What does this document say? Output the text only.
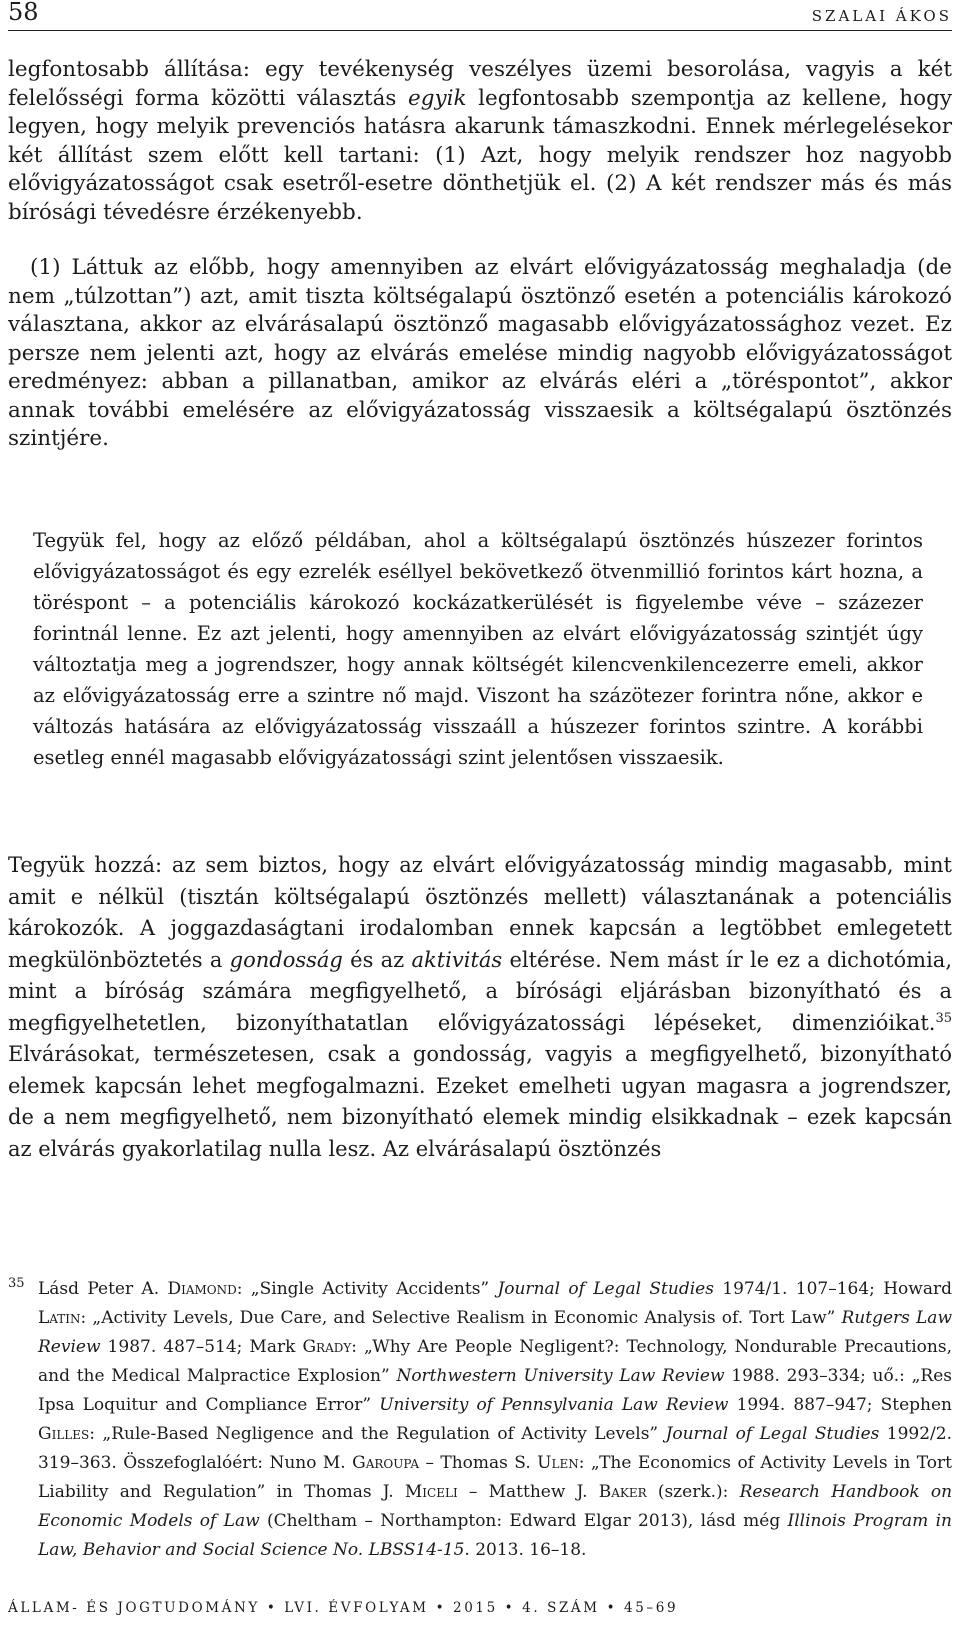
58	SZALAI ÁKOS

legfontosabb állítása: egy tevékenység veszélyes üzemi besorolása, vagyis a két felelősségi forma közötti választás egyik legfontosabb szempontja az kellene, hogy legyen, hogy melyik prevenciós hatásra akarunk támaszkodni. Ennek mérlegelésekor két állítást szem előtt kell tartani: (1) Azt, hogy melyik rendszer hoz nagyobb elővigyázatosságot csak esetről-esetre dönthetjük el. (2) A két rendszer más és más bírósági tévedésre érzékenyebb.

(1) Láttuk az előbb, hogy amennyiben az elvárt elővigyázatosság meghaladja (de nem „túlzottan”) azt, amit tiszta költségalapú ösztönző esetén a potenciális károkozó választana, akkor az elvárásalapú ösztönző magasabb elővigyázatossághoz vezet. Ez persze nem jelenti azt, hogy az elvárás emelése mindig nagyobb elővigyázatosságot eredményez: abban a pillanatban, amikor az elvárás eléri a „töréspontot”, akkor annak további emelésére az elővigyázatosság visszaesik a költségalapú ösztönzés szintjére.

Tegyük fel, hogy az előző példában, ahol a költségalapú ösztönzés húszezer forintos elővigyázatosságot és egy ezrelék eséllyel bekövetkező ötvenmillió forintos kárt hozna, a töréspont – a potenciális károkozó kockázatkerülését is figyelembe véve – százezer forintnál lenne. Ez azt jelenti, hogy amennyiben az elvárt elővigyázatosság szintjét úgy változtatja meg a jogrendszer, hogy annak költségét kilencvenkilencezerre emeli, akkor az elővigyázatosság erre a szintre nő majd. Viszont ha százötezer forintra nőne, akkor e változás hatására az elővigyázatosság visszaáll a húszezer forintos szintre. A korábbi esetleg ennél magasabb elővigyázatossági szint jelentősen visszaesik.

Tegyük hozzá: az sem biztos, hogy az elvárt elővigyázatosság mindig magasabb, mint amit e nélkül (tisztán költségalapú ösztönzés mellett) választanának a potenciális károkozók. A joggazdaságtani irodalomban ennek kapcsán a legtöbbet emlegetett megkülönböztetés a gondosság és az aktivitás eltérése. Nem mást ír le ez a dichotómia, mint a bíróság számára megfigyelhető, a bírósági eljárásban bizonyítható és a megfigyelhetetlen, bizonyíthatatlan elővigyázatossági lépéseket, dimenzióikat.$^{35}$ Elvárásokat, természetesen, csak a gondosság, vagyis a megfigyelhető, bizonyítható elemek kapcsán lehet megfogalmazni. Ezeket emelheti ugyan magasra a jogrendszer, de a nem megfigyelhető, nem bizonyítható elemek mindig elsikkadnak – ezek kapcsán az elvárás gyakorlatilag nulla lesz. Az elvárásalapú ösztönzés

35 Lásd Peter A. Diamond: „Single Activity Accidents” Journal of Legal Studies 1974/1. 107–164; Howard Latin: „Activity Levels, Due Care, and Selective Realism in Economic Analysis of. Tort Law” Rutgers Law Review 1987. 487–514; Mark Grady: „Why Are People Negligent?: Technology, Nondurable Precautions, and the Medical Malpractice Explosion” Northwestern University Law Review 1988. 293–334; uő.: „Res Ipsa Loquitur and Compliance Error” University of Pennsylvania Law Review 1994. 887–947; Stephen Gilles: „Rule-Based Negligence and the Regulation of Activity Levels” Journal of Legal Studies 1992/2. 319–363. Összefoglalóért: Nuno M. Garoupa – Thomas S. Ulen: „The Economics of Activity Levels in Tort Liability and Regulation” in Thomas J. Miceli – Matthew J. Baker (szerk.): Research Handbook on Economic Models of Law (Cheltham – Northampton: Edward Elgar 2013), lásd még Illinois Program in Law, Behavior and Social Science No. LBSS14-15. 2013. 16–18.
ÁLLAM- ÉS JOGTUDOMÁNY • LVI. ÉVFOLYAM • 2015 • 4. SZÁM • 45–69
